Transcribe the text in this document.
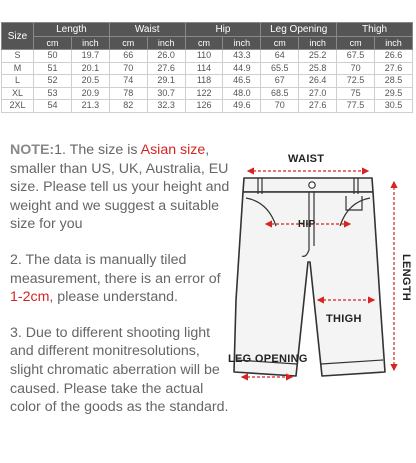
Size	Length		Waist		Hip		Leg Opening		Thigh	
	cm	inch	cm	inch	cm	inch	cm	inch	cm	inch
S	50	19.7	66	26.0	110	43.3	64	25.2	67.5	26.6
M	51	20.1	70	27.6	114	44.9	65.5	25.8	70	27.6
L	52	20.5	74	29.1	118	46.5	67	26.4	72.5	28.5
XL	53	20.9	78	30.7	122	48.0	68.5	27.0	75	29.5
2XL	54	21.3	82	32.3	126	49.6	70	27.6	77.5	30.5

NOTE:1. The size is Asian size, smaller than US, UK, Australia, EU size. Please tell us your height and weight and we suggest a suitable size for you

2. The data is manually tiled measurement, there is an error of 1-2cm, please understand.

3. Due to different shooting light and different monitresolutions, slight chromatic aberration will be caused. Please take the actual color of the goods as the standard.

WAIST
HIP
THIGH
LEG OPENING
LENGTH
